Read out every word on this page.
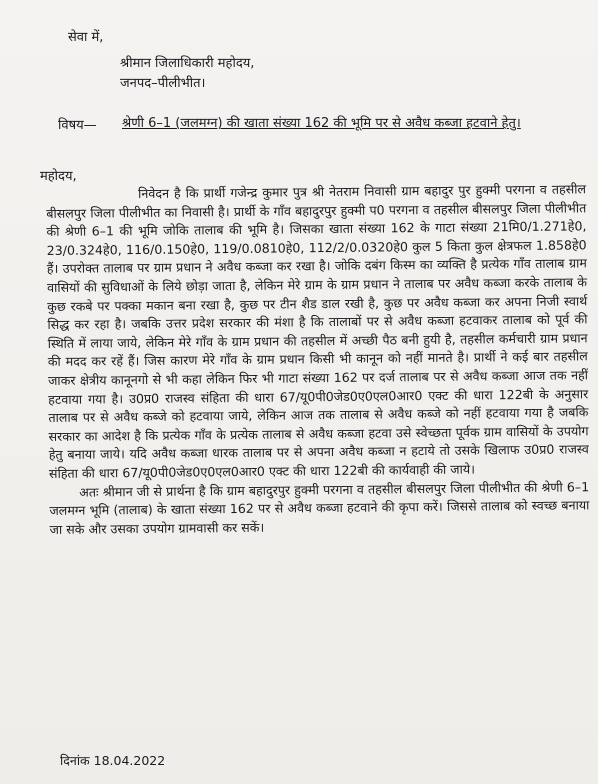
सेवा में,
श्रीमान जिलाधिकारी महोदय,
जनपद–पीलीभीत।
विषय—	श्रेणी 6–1 (जलमग्न) की खाता संख्या 162 की भूमि पर से अवैध कब्जा हटवाने हेतु।
महोदय,

निवेदन है कि प्रार्थी गजेन्द्र कुमार पुत्र श्री नेतराम निवासी ग्राम बहादुर पुर हुक्मी परगना व तहसील बीसलपुर जिला पीलीभीत का निवासी है। प्रार्थी के गाँव बहादुरपुर हुक्मी प0 परगना व तहसील बीसलपुर जिला पीलीभीत की श्रेणी 6–1 की भूमि जोकि तालाब की भूमि है। जिसका खाता संख्या 162 के गाटा संख्या 21मि0/1.271हे0, 23/0.324हे0, 116/0.150हे0, 119/0.0810हे0, 112/2/0.0320हे0 कुल 5 किता कुल क्षेत्रफल 1.858हे0 हैं। उपरोक्त तालाब पर ग्राम प्रधान ने अवैध कब्जा कर रखा है। जोकि दबंग किस्म का व्यक्ति है प्रत्येक गाँव तालाब ग्राम वासियों की सुविधाओं के लिये छोड़ा जाता है, लेकिन मेरे ग्राम के ग्राम प्रधान ने तालाब पर अवैध कब्जा करके तालाब के कुछ रकबे पर पक्का मकान बना रखा है, कुछ पर टीन शैड डाल रखी है, कुछ पर अवैध कब्जा कर अपना निजी स्वार्थ सिद्ध कर रहा है। जबकि उत्तर प्रदेश सरकार की मंशा है कि तालाबों पर से अवैध कब्जा हटवाकर तालाब को पूर्व की स्थिति में लाया जाये, लेकिन मेरे गाँव के ग्राम प्रधान की तहसील में अच्छी पैठ बनी हुयी है, तहसील कर्मचारी ग्राम प्रधान की मदद कर रहें हैं। जिस कारण मेरे गाँव के ग्राम प्रधान किसी भी कानून को नहीं मानते है। प्रार्थी ने कई बार तहसील जाकर क्षेत्रीय कानूनगो से भी कहा लेकिन फिर भी गाटा संख्या 162 पर दर्ज तालाब पर से अवैध कब्जा आज तक नहीं हटवाया गया है। उ0प्र0 राजस्व संहिता की धारा 67/यू0पी0जेड0ए0एल0आर0 एक्ट की धारा 122बी के अनुसार तालाब पर से अवैध कब्जे को हटवाया जाये, लेकिन आज तक तालाब से अवैध कब्जे को नहीं हटवाया गया है जबकि सरकार का आदेश है कि प्रत्येक गाँव के प्रत्येक तालाब से अवैध कब्जा हटवा उसे स्वेच्छता पूर्वक ग्राम वासियों के उपयोग हेतु बनाया जाये। यदि अवैध कब्जा धारक तालाब पर से अपना अवैध कब्जा न हटाये तो उसके खिलाफ उ0प्र0 राजस्व संहिता की धारा 67/यू0पी0जेड0ए0एल0आर0 एक्ट की धारा 122बी की कार्यवाही की जाये।

अतः श्रीमान जी से प्रार्थना है कि ग्राम बहादुरपुर हुक्मी परगना व तहसील बीसलपुर जिला पीलीभीत की श्रेणी 6–1 जलमग्न भूमि (तालाब) के खाता संख्या 162 पर से अवैध कब्जा हटवाने की कृपा करें। जिससे तालाब को स्वच्छ बनाया जा सके और उसका उपयोग ग्रामवासी कर सकें।

दिनांक 18.04.2022
